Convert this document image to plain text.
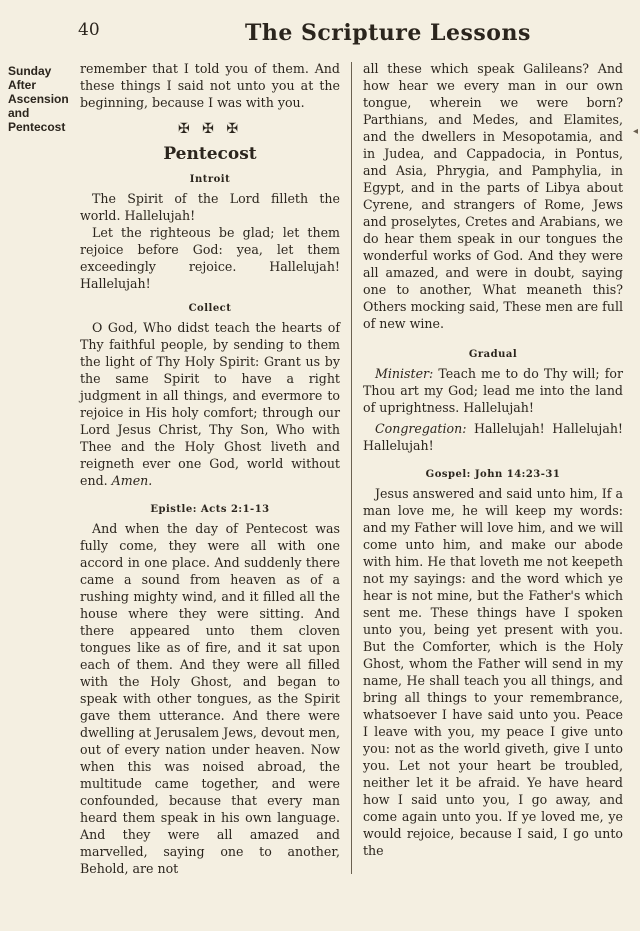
40	The Scripture Lessons
Sunday
After
Ascension
and
Pentecost	◂

remember that I told you of them. And these things I said not unto you at the beginning, because I was with you.

✠ ✠ ✠
Pentecost
Introit

The Spirit of the Lord filleth the world. Hallelujah!

Let the righteous be glad; let them rejoice before God: yea, let them exceedingly rejoice. Hallelujah! Hallelujah!

Collect

O God, Who didst teach the hearts of Thy faithful people, by sending to them the light of Thy Holy Spirit: Grant us by the same Spirit to have a right judgment in all things, and evermore to rejoice in His holy comfort; through our Lord Jesus Christ, Thy Son, Who with Thee and the Holy Ghost liveth and reigneth ever one God, world without end. Amen.

Epistle: Acts 2:1-13

And when the day of Pentecost was fully come, they were all with one accord in one place. And suddenly there came a sound from heaven as of a rushing mighty wind, and it filled all the house where they were sitting. And there appeared unto them cloven tongues like as of fire, and it sat upon each of them. And they were all filled with the Holy Ghost, and began to speak with other tongues, as the Spirit gave them utterance. And there were dwelling at Jerusalem Jews, devout men, out of every nation under heaven. Now when this was noised abroad, the multitude came together, and were confounded, because that every man heard them speak in his own language. And they were all amazed and marvelled, saying one to another, Behold, are not

all these which speak Galileans? And how hear we every man in our own tongue, wherein we were born? Parthians, and Medes, and Elamites, and the dwellers in Mesopotamia, and in Judea, and Cappadocia, in Pontus, and Asia, Phrygia, and Pamphylia, in Egypt, and in the parts of Libya about Cyrene, and strangers of Rome, Jews and proselytes, Cretes and Arabians, we do hear them speak in our tongues the wonderful works of God. And they were all amazed, and were in doubt, saying one to another, What meaneth this? Others mocking said, These men are full of new wine.

Gradual

Minister: Teach me to do Thy will; for Thou art my God; lead me into the land of uprightness. Hallelujah!

Congregation: Hallelujah! Hallelujah! Hallelujah!

Gospel: John 14:23-31

Jesus answered and said unto him, If a man love me, he will keep my words: and my Father will love him, and we will come unto him, and make our abode with him. He that loveth me not keepeth not my sayings: and the word which ye hear is not mine, but the Father's which sent me. These things have I spoken unto you, being yet present with you. But the Comforter, which is the Holy Ghost, whom the Father will send in my name, He shall teach you all things, and bring all things to your remembrance, whatsoever I have said unto you. Peace I leave with you, my peace I give unto you: not as the world giveth, give I unto you. Let not your heart be troubled, neither let it be afraid. Ye have heard how I said unto you, I go away, and come again unto you. If ye loved me, ye would rejoice, because I said, I go unto the
